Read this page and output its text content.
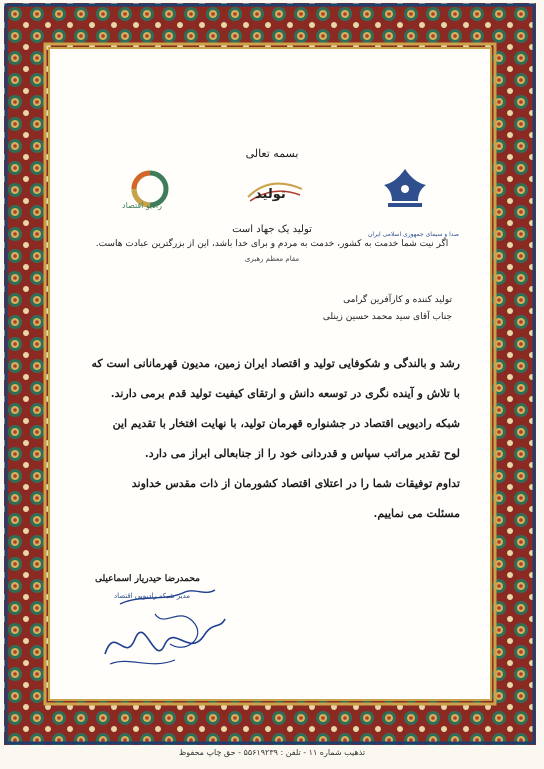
بسمه تعالی
صدا و سیمای جمهوری اسلامی ایران
تولید
رادیو اقتصاد
تولید یک جهاد است
اگر نیت شما خدمت به کشور، خدمت به مردم و برای خدا باشد، این از بزرگترین عبادت هاست.
مقام معظم رهبری
تولید کننده و کارآفرین گرامی
جناب آقای سید محمد حسین زینلی
رشد و بالندگی و شکوفایی تولید و اقتصاد ایران زمین، مدیون قهرمانانی است که
با تلاش و آینده نگری در توسعه دانش و ارتقای کیفیت تولید قدم برمی دارند.
شبکه رادیویی اقتصاد در جشنواره قهرمان تولید، با نهایت افتخار با تقدیم این
لوح تقدیر مراتب سپاس و قدردانی خود را از جنابعالی ابراز می دارد.
تداوم توفیقات شما را در اعتلای اقتصاد کشورمان از ذات مقدس خداوند
مسئلت می نماییم.
محمدرضا حیدریار اسماعیلی
مدیر شبکه رادیویی اقتصاد
تذهیب شماره ۱۱ - تلفن : ۵۵۶۱۹۲۳۹ - حق چاپ محفوظ
